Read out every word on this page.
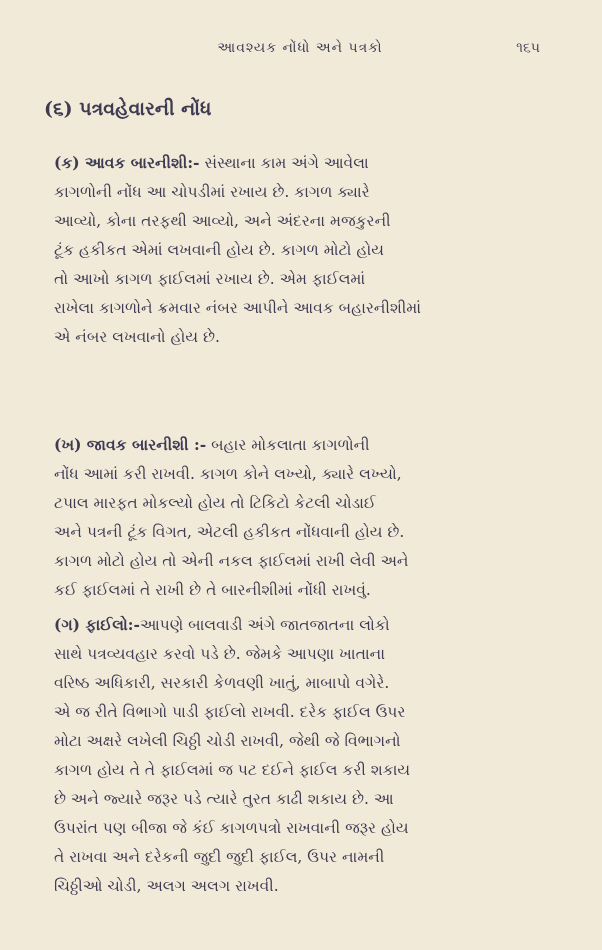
આવશ્યક નોંધો અને પત્રકો	૧૬૫
(૬) પત્રવહેવારની નોંધ
(ક) આવક બારનીશી:- સંસ્થાના કામ અંગે આવેલા
કાગળોની નોંધ આ ચોપડીમાં રખાય છે. કાગળ ક્યારે
આવ્યો, કોના તરફથી આવ્યો, અને અંદરના મજકુરની
ટૂંક હકીકત એમાં લખવાની હોય છે. કાગળ મોટો હોય
તો આખો કાગળ ફાઈલમાં રખાય છે. એમ ફાઈલમાં
રાખેલા કાગળોને ક્રમવાર નંબર આપીને આવક બહારનીશીમાં
એ નંબર લખવાનો હોય છે.
(ખ) જાવક બારનીશી :- બહાર મોકલાતા કાગળોની
નોંધ આમાં કરી રાખવી. કાગળ કોને લખ્યો, ક્યારે લખ્યો,
ટપાલ મારફત મોકલ્યો હોય તો ટિકિટો કેટલી ચોડાઈ
અને પત્રની ટૂંક વિગત, એટલી હકીકત નોંધવાની હોય છે.
કાગળ મોટો હોય તો એની નકલ ફાઈલમાં રાખી લેવી અને
કઈ ફાઈલમાં તે રાખી છે તે બારનીશીમાં નોંધી રાખવું.
(ગ) ફાઈલો:-આપણે બાલવાડી અંગે જાતજાતના લોકો
સાથે પત્રવ્યવહાર કરવો પડે છે. જેમકે આપણા ખાતાના
વરિષ્ઠ અધિકારી, સરકારી કેળવણી ખાતું, માબાપો વગેરે.
એ જ રીતે વિભાગો પાડી ફાઈલો રાખવી. દરેક ફાઈલ ઉપર
મોટા અક્ષરે લખેલી ચિઠ્ઠી ચોડી રાખવી, જેથી જે વિભાગનો
કાગળ હોય તે તે ફાઈલમાં જ પટ દઈને ફાઈલ કરી શકાય
છે અને જ્યારે જરૂર પડે ત્યારે તુરત કાઢી શકાય છે. આ
ઉપરાંત પણ બીજા જે કંઈ કાગળપત્રો રાખવાની જરૂર હોય
તે રાખવા અને દરેકની જુદી જુદી ફાઈલ, ઉપર નામની
ચિઠ્ઠીઓ ચોડી, અલગ અલગ રાખવી.
